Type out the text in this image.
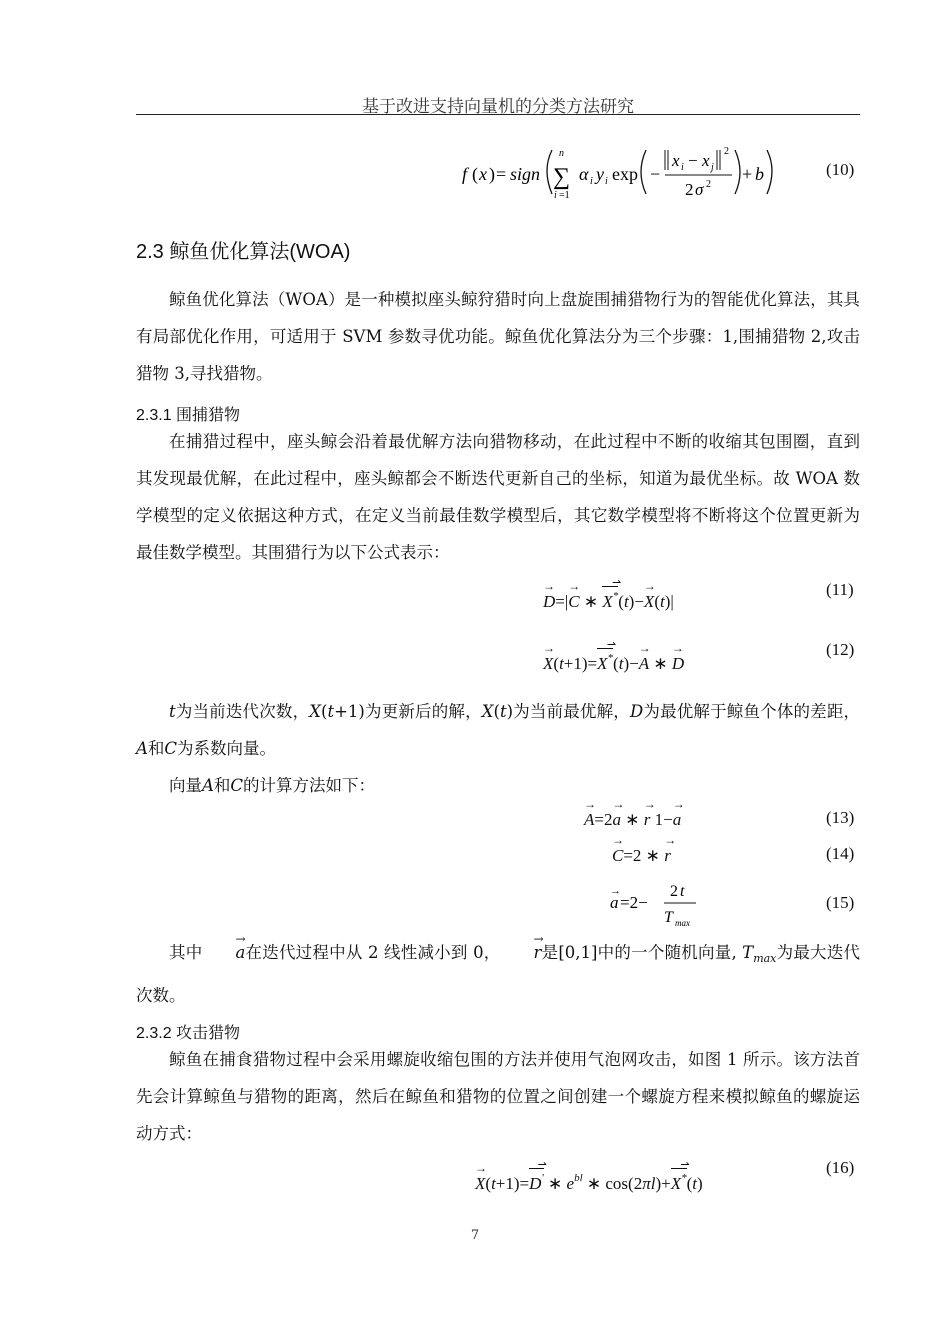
基于改进支持向量机的分类方法研究
f ( x ) = sign
n
∑
i =1
α i y i exp −
x i − x j
2
2 σ 2
+ b	(10)
2.3 鲸鱼优化算法(WOA)
鲸鱼优化算法（WOA）是一种模拟座头鲸狩猎时向上盘旋围捕猎物行为的智能优化算法，其具有局部优化作用，可适用于 SVM 参数寻优功能。鲸鱼优化算法分为三个步骤：1,围捕猎物 2,攻击猎物 3,寻找猎物。
2.3.1 围捕猎物
在捕猎过程中，座头鲸会沿着最优解方法向猎物移动，在此过程中不断的收缩其包围圈，直到其发现最优解，在此过程中，座头鲸都会不断迭代更新自己的坐标，知道为最优坐标。故 WOA 数学模型的定义依据这种方式，在定义当前最佳数学模型后，其它数学模型将不断将这个位置更新为最佳数学模型。其围猎行为以下公式表示：
→ D=|→ C ∗ X* ⇀(t)−→ X(t)|
(11)
→ X(t+1)=X* ⇀(t)−→ A ∗ → D
(12)
t为当前迭代次数，X(t+1)为更新后的解，X(t)为当前最优解，D为最优解于鲸鱼个体的差距，A和C为系数向量。
向量A和C的计算方法如下：
→ A=2→ a ∗ → r 1−→ a	(13)
→ C=2 ∗ → r	(14)
a
→
=2−
2 t
T max
(15)
其中 → a在迭代过程中从 2 线性减小到 0， → r是[0,1]中的一个随机向量, $T_{max}$为最大迭代次数。
2.3.2 攻击猎物
鲸鱼在捕食猎物过程中会采用螺旋收缩包围的方法并使用气泡网攻击，如图 1 所示。该方法首先会计算鲸鱼与猎物的距离，然后在鲸鱼和猎物的位置之间创建一个螺旋方程来模拟鲸鱼的螺旋运动方式：
→ X(t+1)=D' ⇀ ∗ $e^{bl}$ ∗ cos(2πl)+X* ⇀(t)
(16)
7
